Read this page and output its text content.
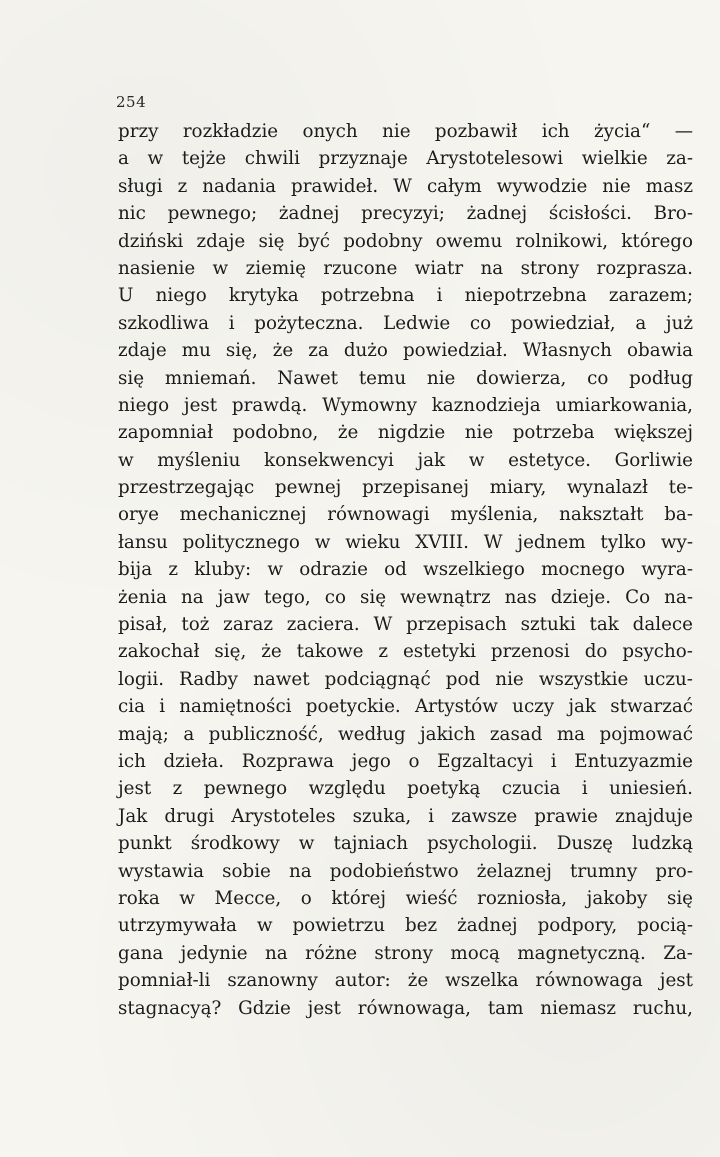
254
przy rozkładzie onych nie pozbawił ich życia“ —
a w tejże chwili przyznaje Arystotelesowi wielkie za-
sługi z nadania prawideł. W całym wywodzie nie masz
nic pewnego; żadnej precyzyi; żadnej ścisłości. Bro-
dziński zdaje się być podobny owemu rolnikowi, którego
nasienie w ziemię rzucone wiatr na strony rozprasza.
U niego krytyka potrzebna i niepotrzebna zarazem;
szkodliwa i pożyteczna. Ledwie co powiedział, a już
zdaje mu się, że za dużo powiedział. Własnych obawia
się mniemań. Nawet temu nie dowierza, co podług
niego jest prawdą. Wymowny kaznodzieja umiarkowania,
zapomniał podobno, że nigdzie nie potrzeba większej
w myśleniu konsekwencyi jak w estetyce. Gorliwie
przestrzegając pewnej przepisanej miary, wynalazł te-
orye mechanicznej równowagi myślenia, nakształt ba-
łansu politycznego w wieku XVIII. W jednem tylko wy-
bija z kluby: w odrazie od wszelkiego mocnego wyra-
żenia na jaw tego, co się wewnątrz nas dzieje. Co na-
pisał, toż zaraz zaciera. W przepisach sztuki tak dalece
zakochał się, że takowe z estetyki przenosi do psycho-
logii. Radby nawet podciągnąć pod nie wszystkie uczu-
cia i namiętności poetyckie. Artystów uczy jak stwarzać
mają; a publiczność, według jakich zasad ma pojmować
ich dzieła. Rozprawa jego o Egzaltacyi i Entuzyazmie
jest z pewnego względu poetyką czucia i uniesień.
Jak drugi Arystoteles szuka, i zawsze prawie znajduje
punkt środkowy w tajniach psychologii. Duszę ludzką
wystawia sobie na podobieństwo żelaznej trumny pro-
roka w Mecce, o której wieść rozniosła, jakoby się
utrzymywała w powietrzu bez żadnej podpory, pocią-
gana jedynie na różne strony mocą magnetyczną. Za-
pomniał-li szanowny autor: że wszelka równowaga jest
stagnacyą? Gdzie jest równowaga, tam niemasz ruchu,
